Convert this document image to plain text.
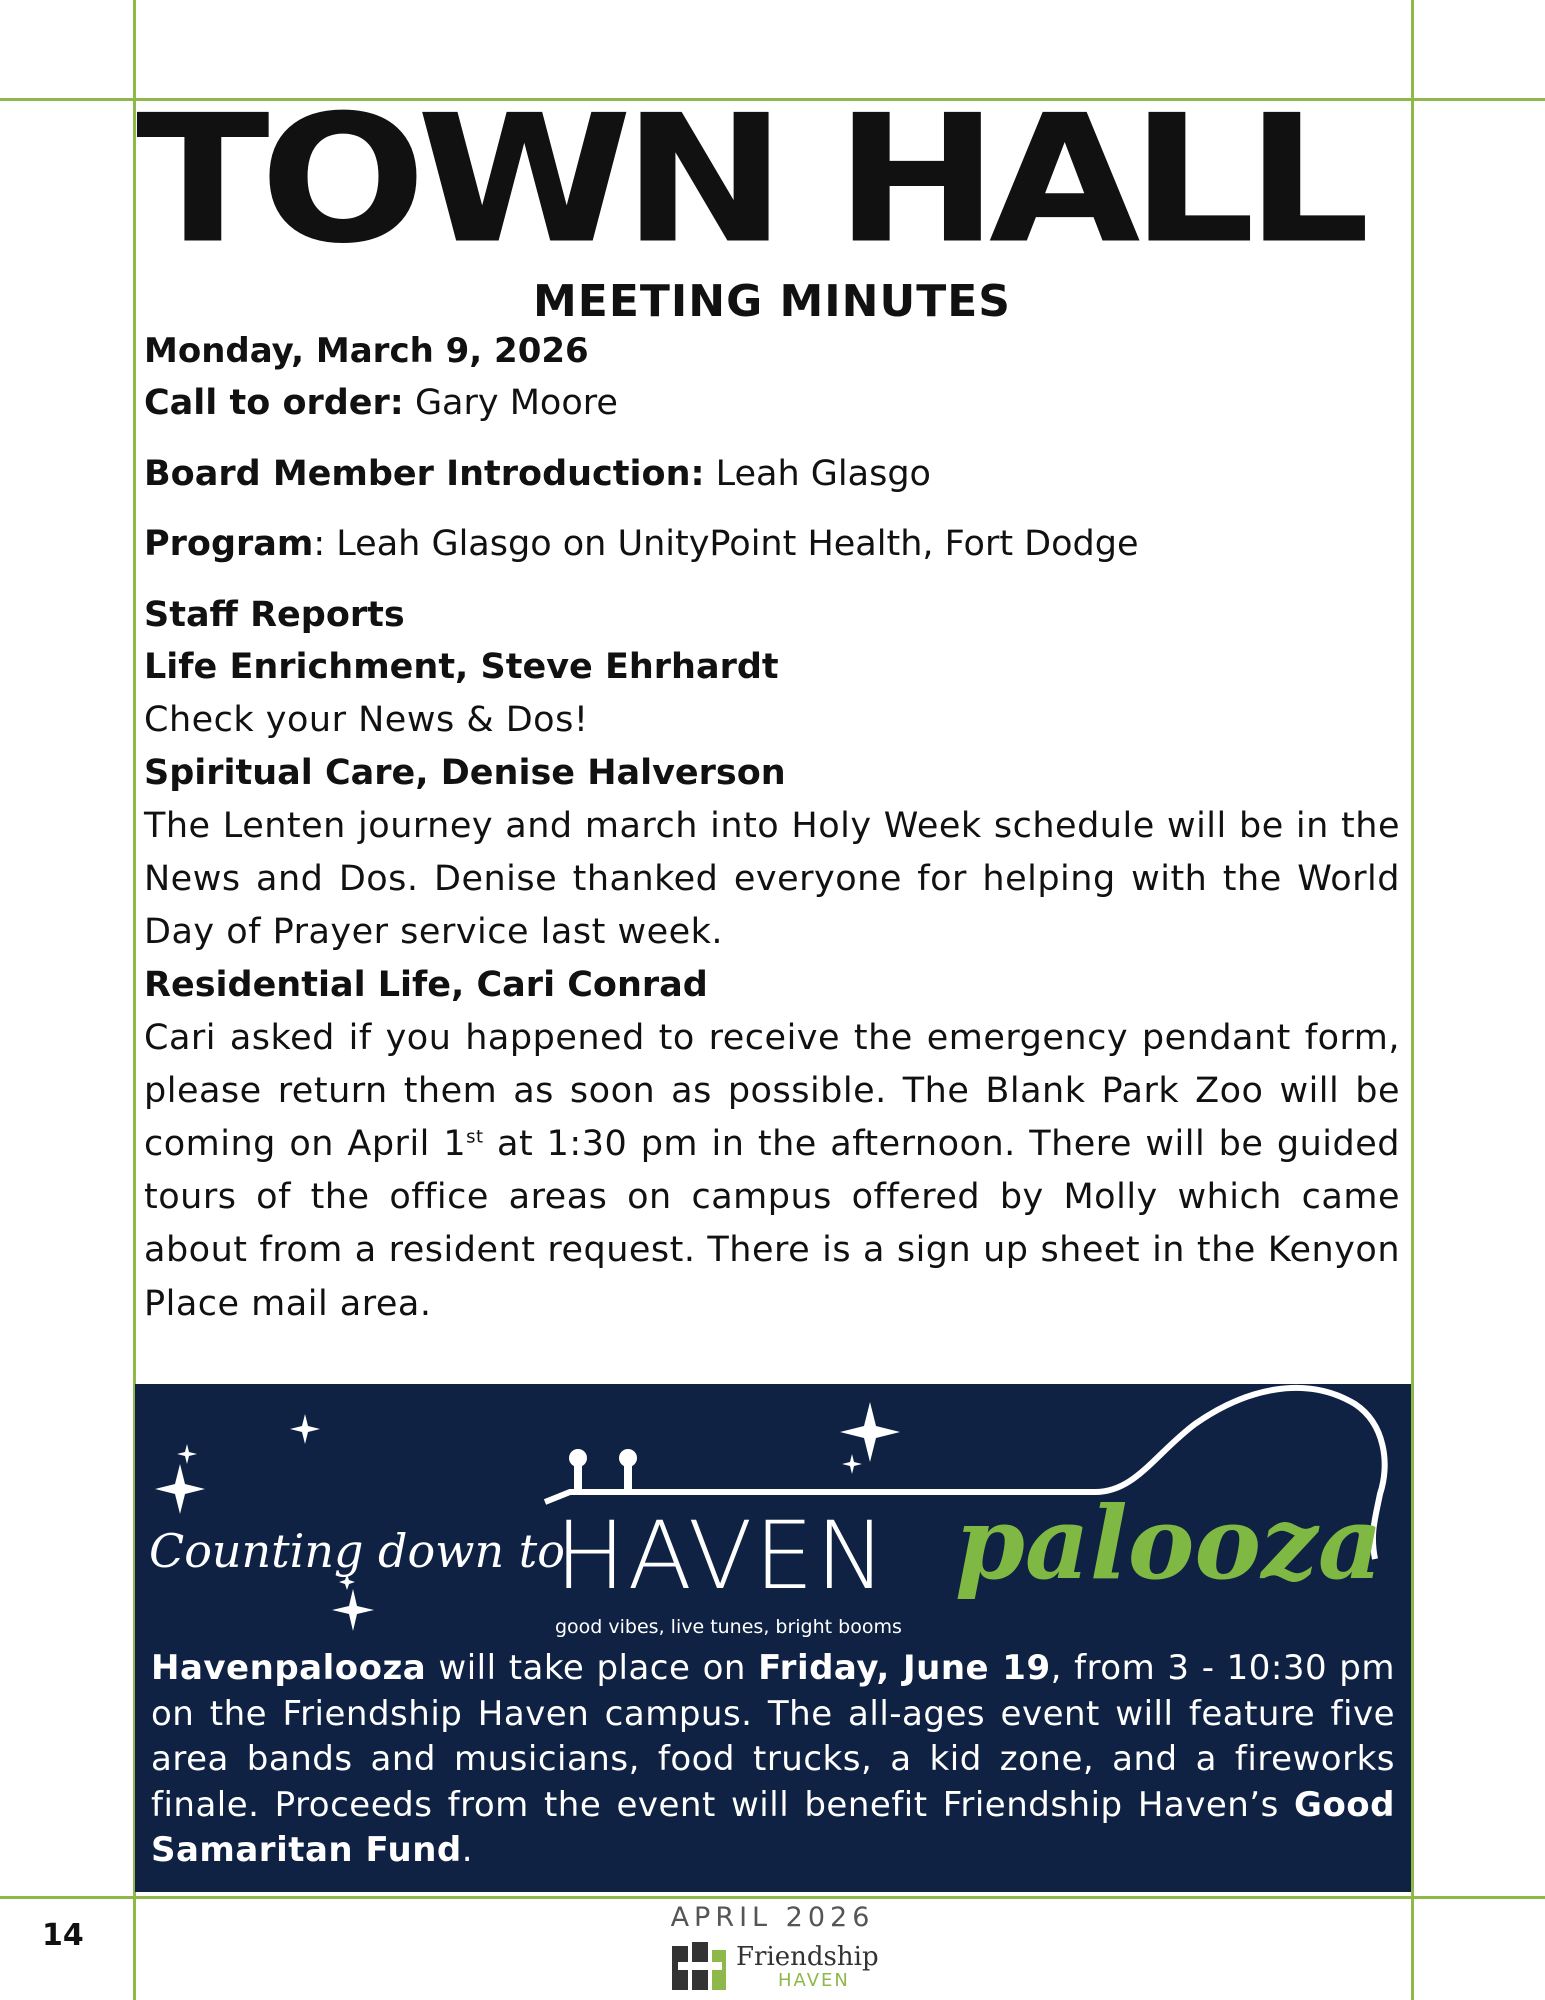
TOWN HALL
MEETING MINUTES
Monday, March 9, 2026
Call to order: Gary Moore
Board Member Introduction: Leah Glasgo
Program: Leah Glasgo on UnityPoint Health, Fort Dodge
Staff Reports
Life Enrichment, Steve Ehrhardt
Check your News & Dos!
Spiritual Care, Denise Halverson
The Lenten journey and march into Holy Week schedule will be in the News and Dos. Denise thanked everyone for helping with the World Day of Prayer service last week.
Residential Life, Cari Conrad
Cari asked if you happened to receive the emergency pendant form, please return them as soon as possible. The Blank Park Zoo will be coming on April 1st at 1:30 pm in the afternoon. There will be guided tours of the office areas on campus offered by Molly which came about from a resident request. There is a sign up sheet in the Kenyon Place mail area.
Counting down to
HAVEN palooza
good vibes, live tunes, bright booms
Havenpalooza will take place on Friday, June 19, from 3 - 10:30 pm on the Friendship Haven campus. The all-ages event will feature five area bands and musicians, food trucks, a kid zone, and a fireworks finale. Proceeds from the event will benefit Friendship Haven’s Good Samaritan Fund.
14
APRIL 2026
Friendship
HAVEN
